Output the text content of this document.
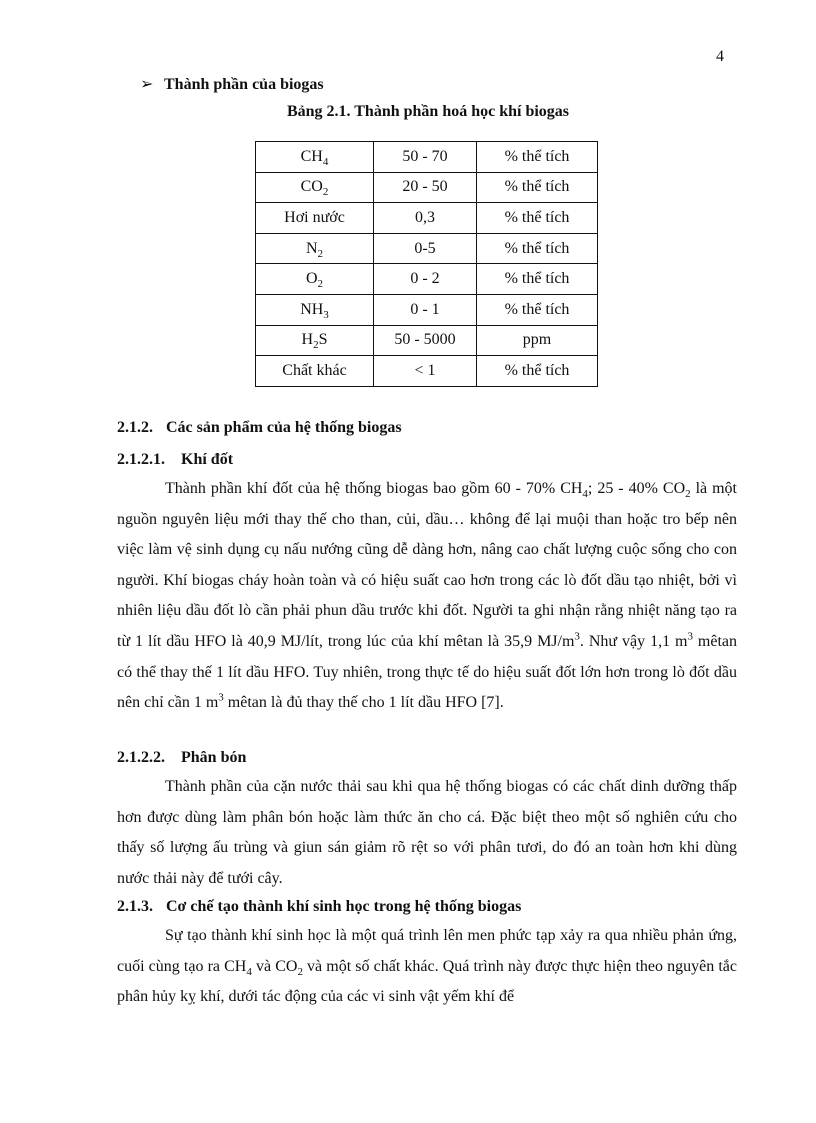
4
➢ Thành phần của biogas
Bảng 2.1. Thành phần hoá học khí biogas
$CH_4$	50 - 70	% thể tích
$CO_2$	20 - 50	% thể tích
Hơi nước	0,3	% thể tích
$N_2$	0-5	% thể tích
$O_2$	0 - 2	% thể tích
$NH_3$	0 - 1	% thể tích
$H_2S$	50 - 5000	ppm
Chất khác	< 1	% thể tích
2.1.2. Các sản phẩm của hệ thống biogas
2.1.2.1. Khí đốt

Thành phần khí đốt của hệ thống biogas bao gồm 60 - 70% $CH_4$; 25 - 40% $CO_2$ là một nguồn nguyên liệu mới thay thế cho than, củi, dầu… không để lại muội than hoặc tro bếp nên việc làm vệ sinh dụng cụ nấu nướng cũng dễ dàng hơn, nâng cao chất lượng cuộc sống cho con người. Khí biogas cháy hoàn toàn và có hiệu suất cao hơn trong các lò đốt dầu tạo nhiệt, bởi vì nhiên liệu dầu đốt lò cần phải phun dầu trước khi đốt. Người ta ghi nhận rằng nhiệt năng tạo ra từ 1 lít dầu HFO là 40,9 MJ/lít, trong lúc của khí mêtan là 35,9 $MJ/m^3$. Như vậy 1,1 $m^3$ mêtan có thể thay thế 1 lít dầu HFO. Tuy nhiên, trong thực tế do hiệu suất đốt lớn hơn trong lò đốt dầu nên chỉ cần 1 $m^3$ mêtan là đủ thay thế cho 1 lít dầu HFO [7].

2.1.2.2. Phân bón

Thành phần của cặn nước thải sau khi qua hệ thống biogas có các chất dinh dưỡng thấp hơn được dùng làm phân bón hoặc làm thức ăn cho cá. Đặc biệt theo một số nghiên cứu cho thấy số lượng ấu trùng và giun sán giảm rõ rệt so với phân tươi, do đó an toàn hơn khi dùng nước thải này để tưới cây.

2.1.3. Cơ chế tạo thành khí sinh học trong hệ thống biogas

Sự tạo thành khí sinh học là một quá trình lên men phức tạp xảy ra qua nhiều phản ứng, cuối cùng tạo ra $CH_4$ và $CO_2$ và một số chất khác. Quá trình này được thực hiện theo nguyên tắc phân hủy kỵ khí, dưới tác động của các vi sinh vật yếm khí để
